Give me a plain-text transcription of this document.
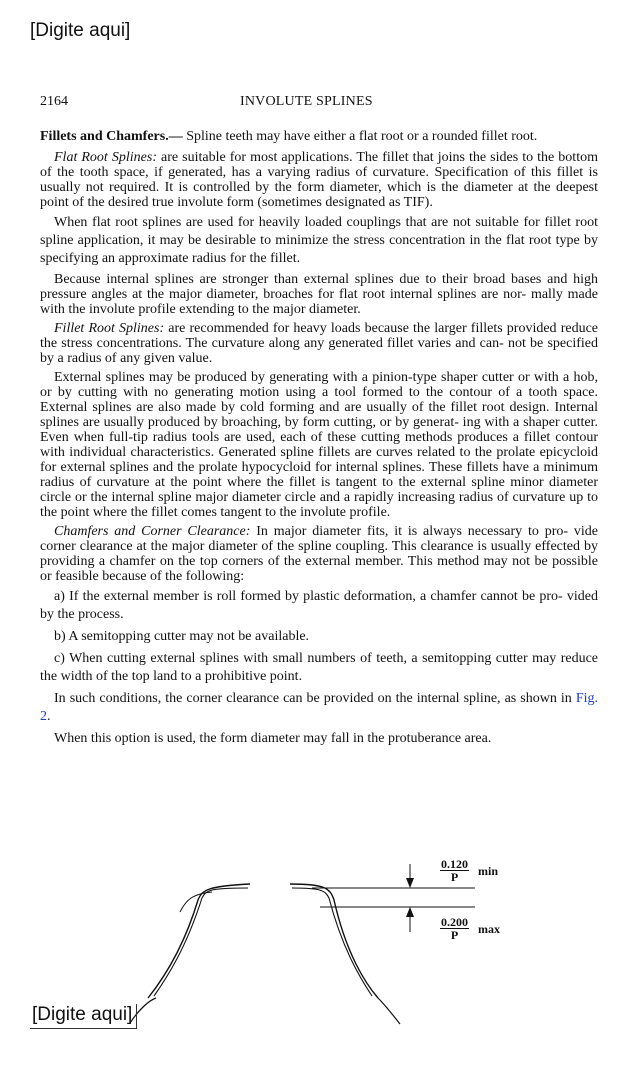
[Digite aqui]
2164	INVOLUTE SPLINES

Fillets and Chamfers.— Spline teeth may have either a flat root or a rounded fillet root.

Flat Root Splines: are suitable for most applications. The fillet that joins the sides to the bottom of the tooth space, if generated, has a varying radius of curvature. Specification of this fillet is usually not required. It is controlled by the form diameter, which is the diameter at the deepest point of the desired true involute form (sometimes designated as TIF).

When flat root splines are used for heavily loaded couplings that are not suitable for fillet root spline application, it may be desirable to minimize the stress concentration in the flat root type by specifying an approximate radius for the fillet.

Because internal splines are stronger than external splines due to their broad bases and high pressure angles at the major diameter, broaches for flat root internal splines are nor- mally made with the involute profile extending to the major diameter.

Fillet Root Splines: are recommended for heavy loads because the larger fillets provided reduce the stress concentrations. The curvature along any generated fillet varies and can- not be specified by a radius of any given value.

External splines may be produced by generating with a pinion-type shaper cutter or with a hob, or by cutting with no generating motion using a tool formed to the contour of a tooth space. External splines are also made by cold forming and are usually of the fillet root design. Internal splines are usually produced by broaching, by form cutting, or by generat- ing with a shaper cutter. Even when full-tip radius tools are used, each of these cutting methods produces a fillet contour with individual characteristics. Generated spline fillets are curves related to the prolate epicycloid for external splines and the prolate hypocycloid for internal splines. These fillets have a minimum radius of curvature at the point where the fillet is tangent to the external spline minor diameter circle or the internal spline major diameter circle and a rapidly increasing radius of curvature up to the point where the fillet comes tangent to the involute profile.

Chamfers and Corner Clearance: In major diameter fits, it is always necessary to pro- vide corner clearance at the major diameter of the spline coupling. This clearance is usually effected by providing a chamfer on the top corners of the external member. This method may not be possible or feasible because of the following:

a) If the external member is roll formed by plastic deformation, a chamfer cannot be pro- vided by the process.

b) A semitopping cutter may not be available.

c) When cutting external splines with small numbers of teeth, a semitopping cutter may reduce the width of the top land to a prohibitive point.

In such conditions, the corner clearance can be provided on the internal spline, as shown in Fig. 2.

When this option is used, the form diameter may fall in the protuberance area.

$\frac{0.120}{P}$ min
$\frac{0.200}{P}$ max
[Digite aqui]
